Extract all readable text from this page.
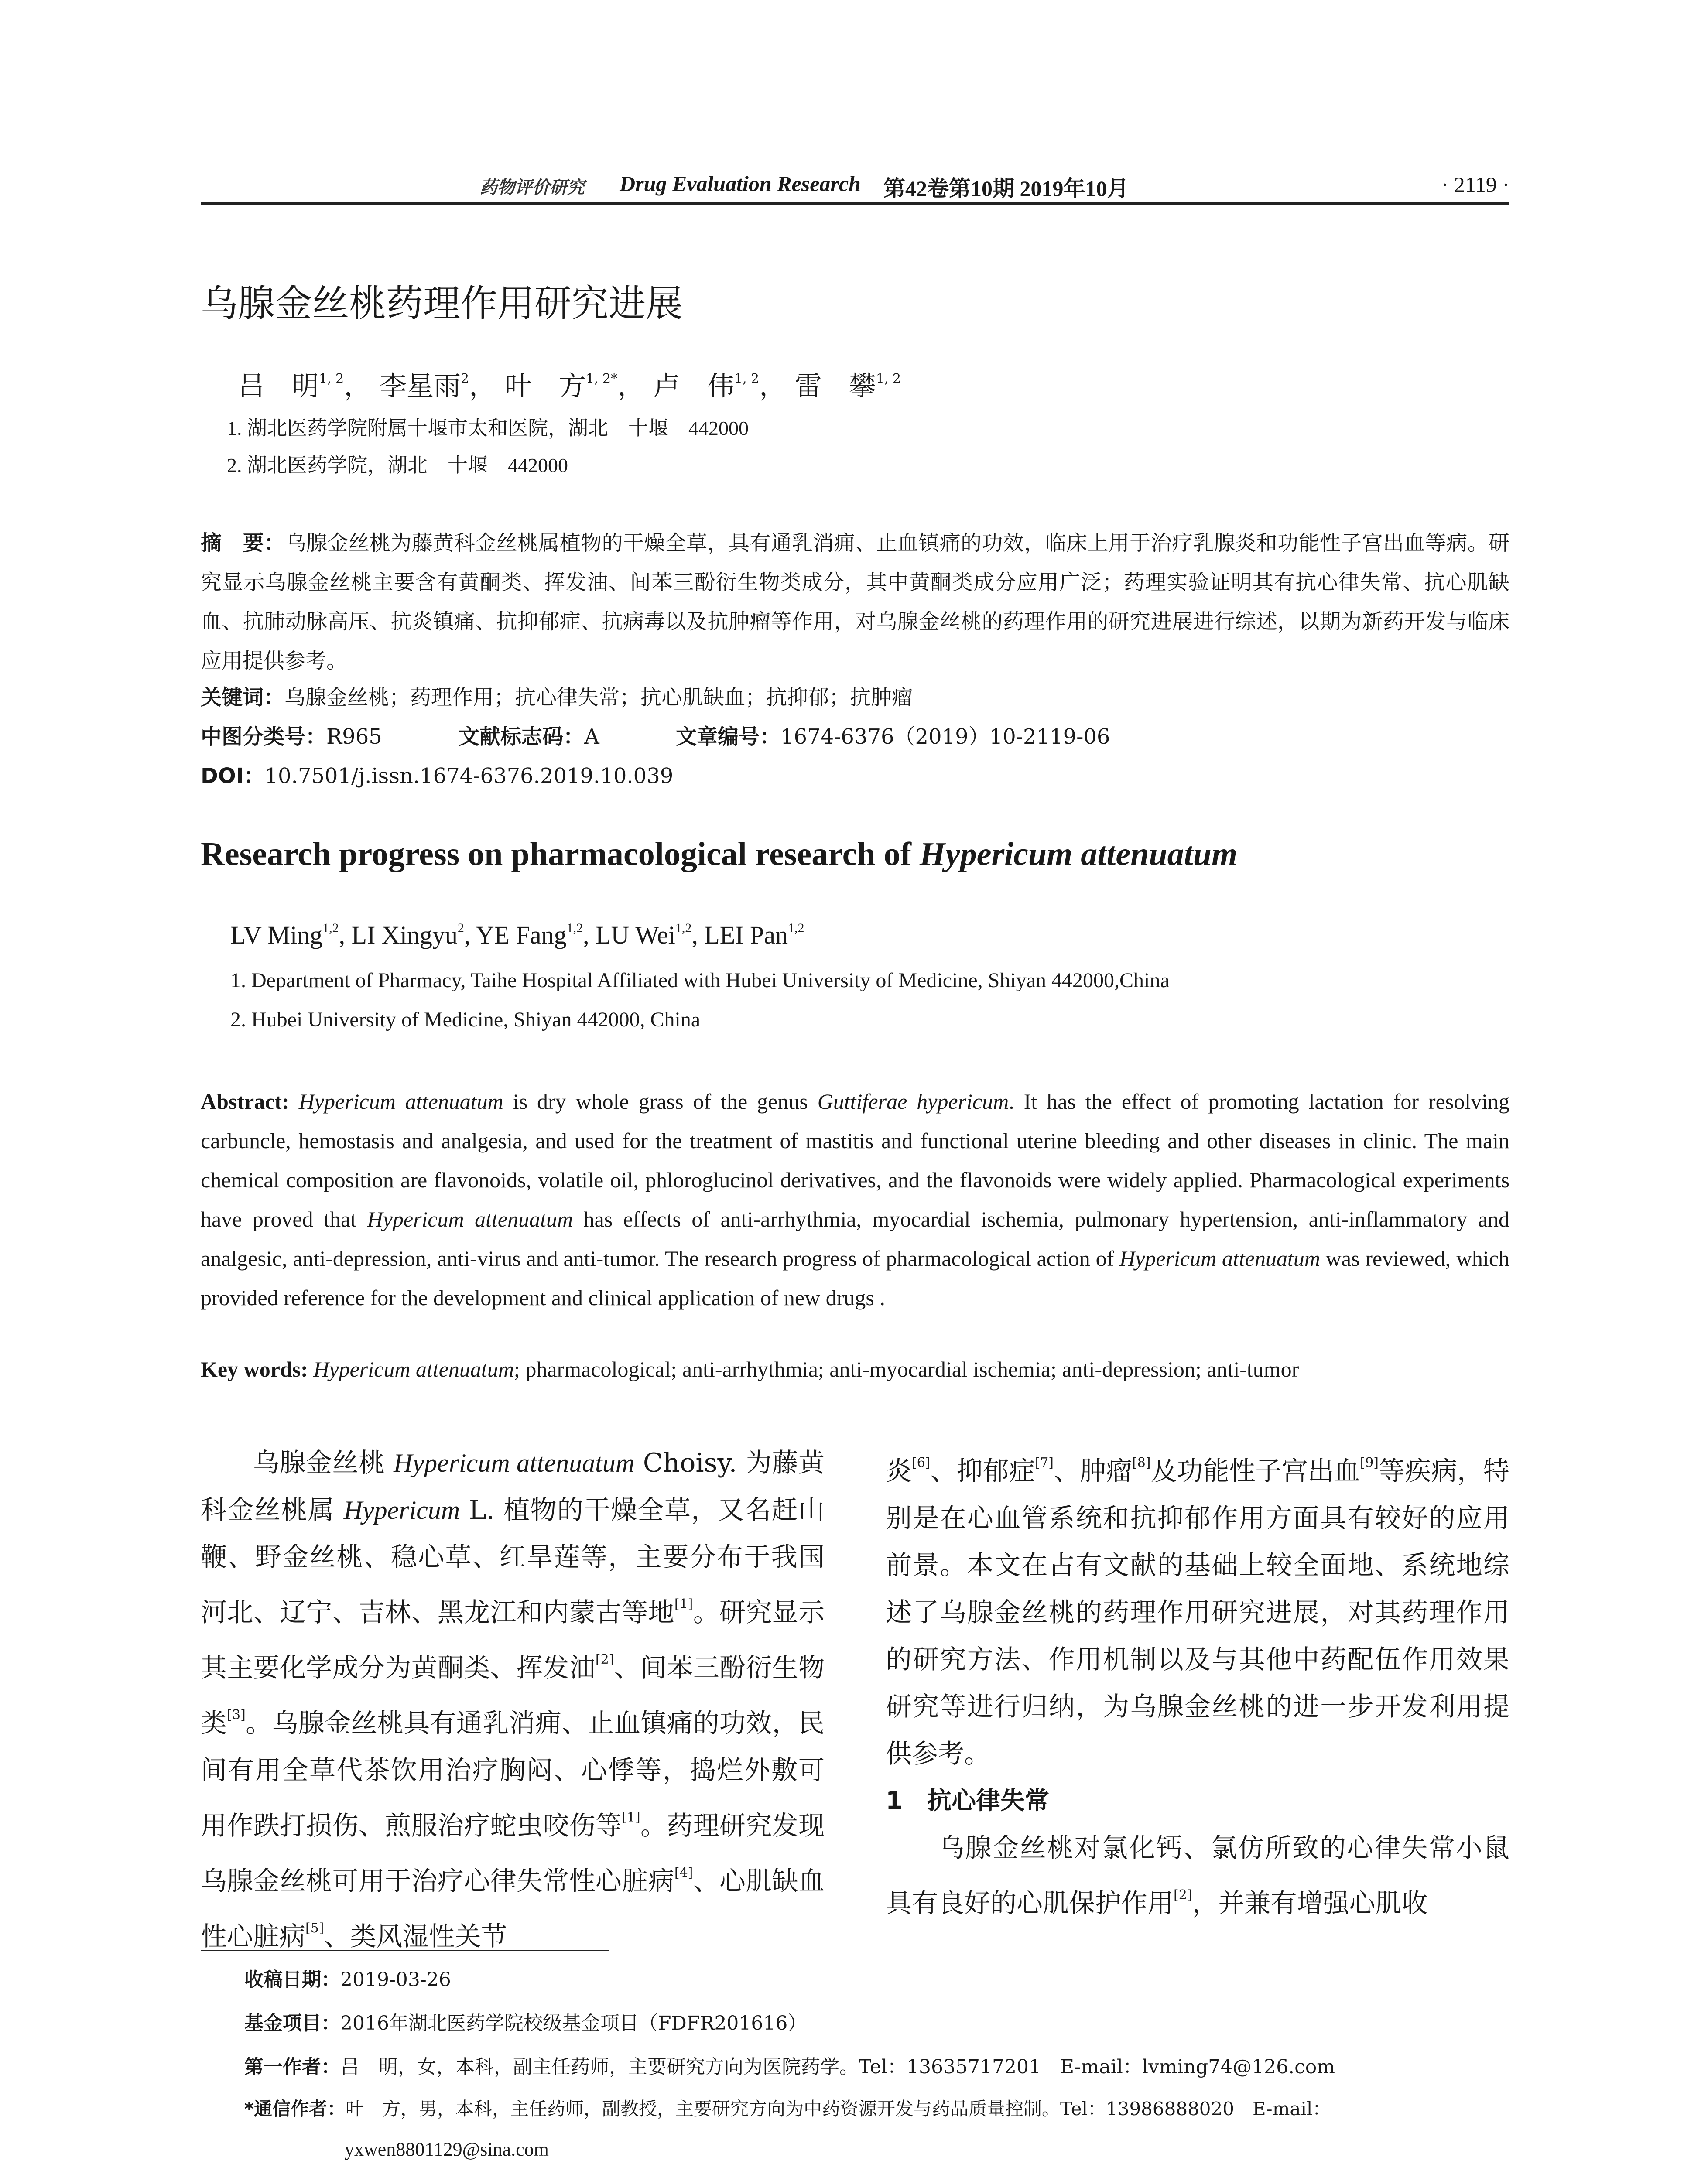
药物评价研究 Drug Evaluation Research 第42卷第10期 2019年10月	· 2119 ·
乌腺金丝桃药理作用研究进展
吕　明$^{1, 2}$， 李星雨$^2$， 叶　方$^{1, 2*}$， 卢　伟$^{1, 2}$， 雷　攀$^{1, 2}$
1. 湖北医药学院附属十堰市太和医院，湖北　十堰　442000
2. 湖北医药学院，湖北　十堰　442000

摘　要：乌腺金丝桃为藤黄科金丝桃属植物的干燥全草，具有通乳消痈、止血镇痛的功效，临床上用于治疗乳腺炎和功能性子宫出血等病。研究显示乌腺金丝桃主要含有黄酮类、挥发油、间苯三酚衍生物类成分，其中黄酮类成分应用广泛；药理实验证明其有抗心律失常、抗心肌缺血、抗肺动脉高压、抗炎镇痛、抗抑郁症、抗病毒以及抗肿瘤等作用，对乌腺金丝桃的药理作用的研究进展进行综述，以期为新药开发与临床应用提供参考。

关键词：乌腺金丝桃；药理作用；抗心律失常；抗心肌缺血；抗抑郁；抗肿瘤
中图分类号：R965	文献标志码：A	文章编号：1674-6376（2019）10-2119-06
DOI：10.7501/j.issn.1674-6376.2019.10.039
Research progress on pharmacological research of Hypericum attenuatum
LV Ming$^{1,2}$, LI Xingyu$^2$, YE Fang$^{1,2}$, LU Wei$^{1,2}$, LEI Pan$^{1,2}$
1. Department of Pharmacy, Taihe Hospital Affiliated with Hubei University of Medicine, Shiyan 442000,China
2. Hubei University of Medicine, Shiyan 442000, China

Abstract: Hypericum attenuatum is dry whole grass of the genus Guttiferae hypericum. It has the effect of promoting lactation for resolving carbuncle, hemostasis and analgesia, and used for the treatment of mastitis and functional uterine bleeding and other diseases in clinic. The main chemical composition are flavonoids, volatile oil, phloroglucinol derivatives, and the flavonoids were widely applied. Pharmacological experiments have proved that Hypericum attenuatum has effects of anti-arrhythmia, myocardial ischemia, pulmonary hypertension, anti-inflammatory and analgesic, anti-depression, anti-virus and anti-tumor. The research progress of pharmacological action of Hypericum attenuatum was reviewed, which provided reference for the development and clinical application of new drugs .

Key words: Hypericum attenuatum; pharmacological; anti-arrhythmia; anti-myocardial ischemia; anti-depression; anti-tumor

乌腺金丝桃 Hypericum attenuatum Choisy. 为藤黄科金丝桃属 Hypericum L. 植物的干燥全草，又名赶山鞭、野金丝桃、稳心草、红旱莲等，主要分布于我国河北、辽宁、吉林、黑龙江和内蒙古等地[1]。研究显示其主要化学成分为黄酮类、挥发油[2]、间苯三酚衍生物类[3]。乌腺金丝桃具有通乳消痈、止血镇痛的功效，民间有用全草代茶饮用治疗胸闷、心悸等，捣烂外敷可用作跌打损伤、煎服治疗蛇虫咬伤等[1]。药理研究发现乌腺金丝桃可用于治疗心律失常性心脏病[4]、心肌缺血性心脏病[5]、类风湿性关节

炎[6]、抑郁症[7]、肿瘤[8]及功能性子宫出血[9]等疾病，特别是在心血管系统和抗抑郁作用方面具有较好的应用前景。本文在占有文献的基础上较全面地、系统地综述了乌腺金丝桃的药理作用研究进展，对其药理作用的研究方法、作用机制以及与其他中药配伍作用效果研究等进行归纳，为乌腺金丝桃的进一步开发利用提供参考。

1　抗心律失常

乌腺金丝桃对氯化钙、氯仿所致的心律失常小鼠具有良好的心肌保护作用[2]，并兼有增强心肌收

收稿日期：2019-03-26
基金项目：2016年湖北医药学院校级基金项目（FDFR201616）
第一作者：吕　明，女，本科，副主任药师，主要研究方向为医院药学。Tel：13635717201　E-mail：lvming74@126.com
*通信作者：叶　方，男，本科，主任药师，副教授，主要研究方向为中药资源开发与药品质量控制。Tel：13986888020　E-mail：
yxwen8801129@sina.com
